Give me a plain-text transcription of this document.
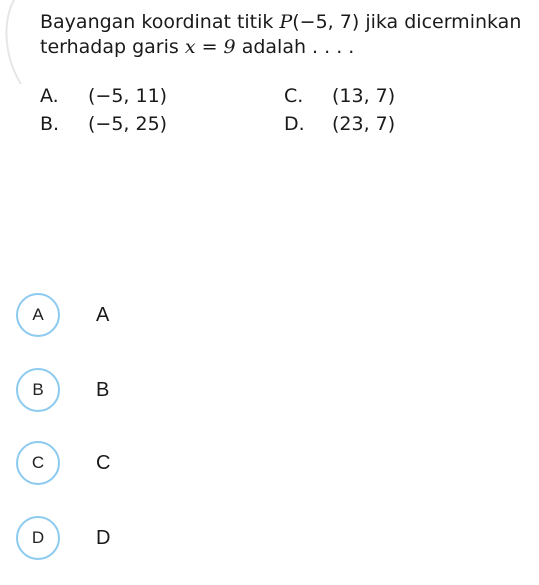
Bayangan koordinat titik P(−5, 7) jika dicerminkan
terhadap garis x = 9 adalah . . . .
A. (−5, 11)
B. (−5, 25)
C. (13, 7)
D. (23, 7)
A	A
B	B
C	C
D	D
